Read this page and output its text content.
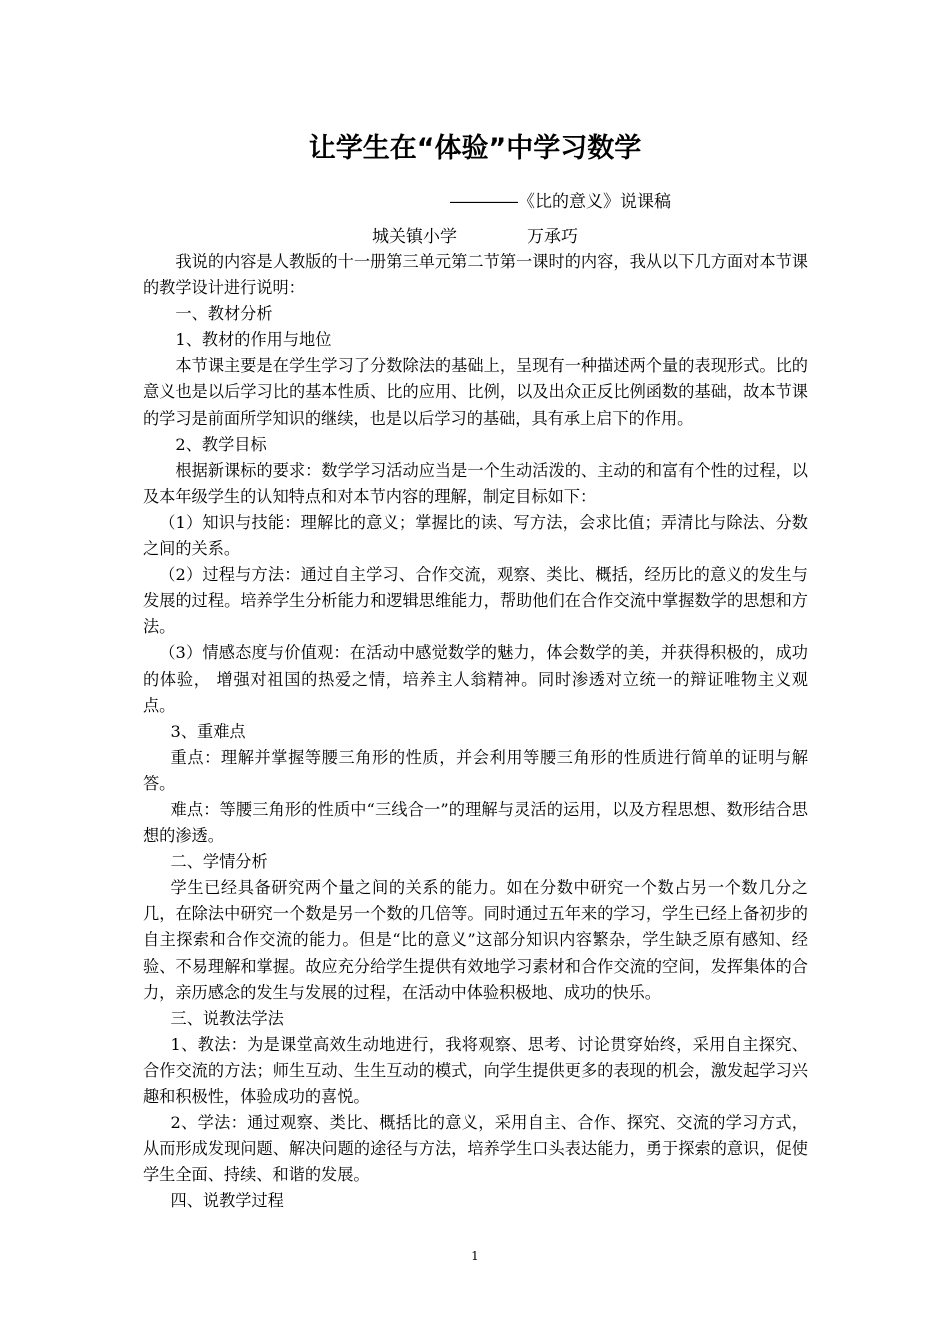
让学生在“体验”中学习数学
――――《比的意义》说课稿
城关镇小学	万承巧

我说的内容是人教版的十一册第三单元第二节第一课时的内容，我从以下几方面对本节课的教学设计进行说明：

一、教材分析

1、教材的作用与地位

本节课主要是在学生学习了分数除法的基础上，呈现有一种描述两个量的表现形式。比的意义也是以后学习比的基本性质、比的应用、比例，以及出众正反比例函数的基础，故本节课的学习是前面所学知识的继续，也是以后学习的基础，具有承上启下的作用。

2、教学目标

根据新课标的要求：数学学习活动应当是一个生动活泼的、主动的和富有个性的过程，以及本年级学生的认知特点和对本节内容的理解，制定目标如下：

（1）知识与技能：理解比的意义；掌握比的读、写方法，会求比值；弄清比与除法、分数之间的关系。

（2）过程与方法：通过自主学习、合作交流，观察、类比、概括，经历比的意义的发生与发展的过程。培养学生分析能力和逻辑思维能力，帮助他们在合作交流中掌握数学的思想和方法。

（3）情感态度与价值观：在活动中感觉数学的魅力，体会数学的美，并获得积极的，成功的体验， 增强对祖国的热爱之情，培养主人翁精神。同时渗透对立统一的辩证唯物主义观点。

3、重难点

重点：理解并掌握等腰三角形的性质，并会利用等腰三角形的性质进行简单的证明与解答。

难点：等腰三角形的性质中“三线合一”的理解与灵活的运用，以及方程思想、数形结合思想的渗透。

二、学情分析

学生已经具备研究两个量之间的关系的能力。如在分数中研究一个数占另一个数几分之几，在除法中研究一个数是另一个数的几倍等。同时通过五年来的学习，学生已经上备初步的自主探索和合作交流的能力。但是“比的意义”这部分知识内容繁杂，学生缺乏原有感知、经验、不易理解和掌握。故应充分给学生提供有效地学习素材和合作交流的空间，发挥集体的合力，亲历感念的发生与发展的过程，在活动中体验积极地、成功的快乐。

三、说教法学法

1、教法：为是课堂高效生动地进行，我将观察、思考、讨论贯穿始终，采用自主探究、合作交流的方法；师生互动、生生互动的模式，向学生提供更多的表现的机会，激发起学习兴趣和积极性，体验成功的喜悦。

2、学法：通过观察、类比、概括比的意义，采用自主、合作、探究、交流的学习方式，从而形成发现问题、解决问题的途径与方法，培养学生口头表达能力，勇于探索的意识，促使学生全面、持续、和谐的发展。

四、说教学过程

1
